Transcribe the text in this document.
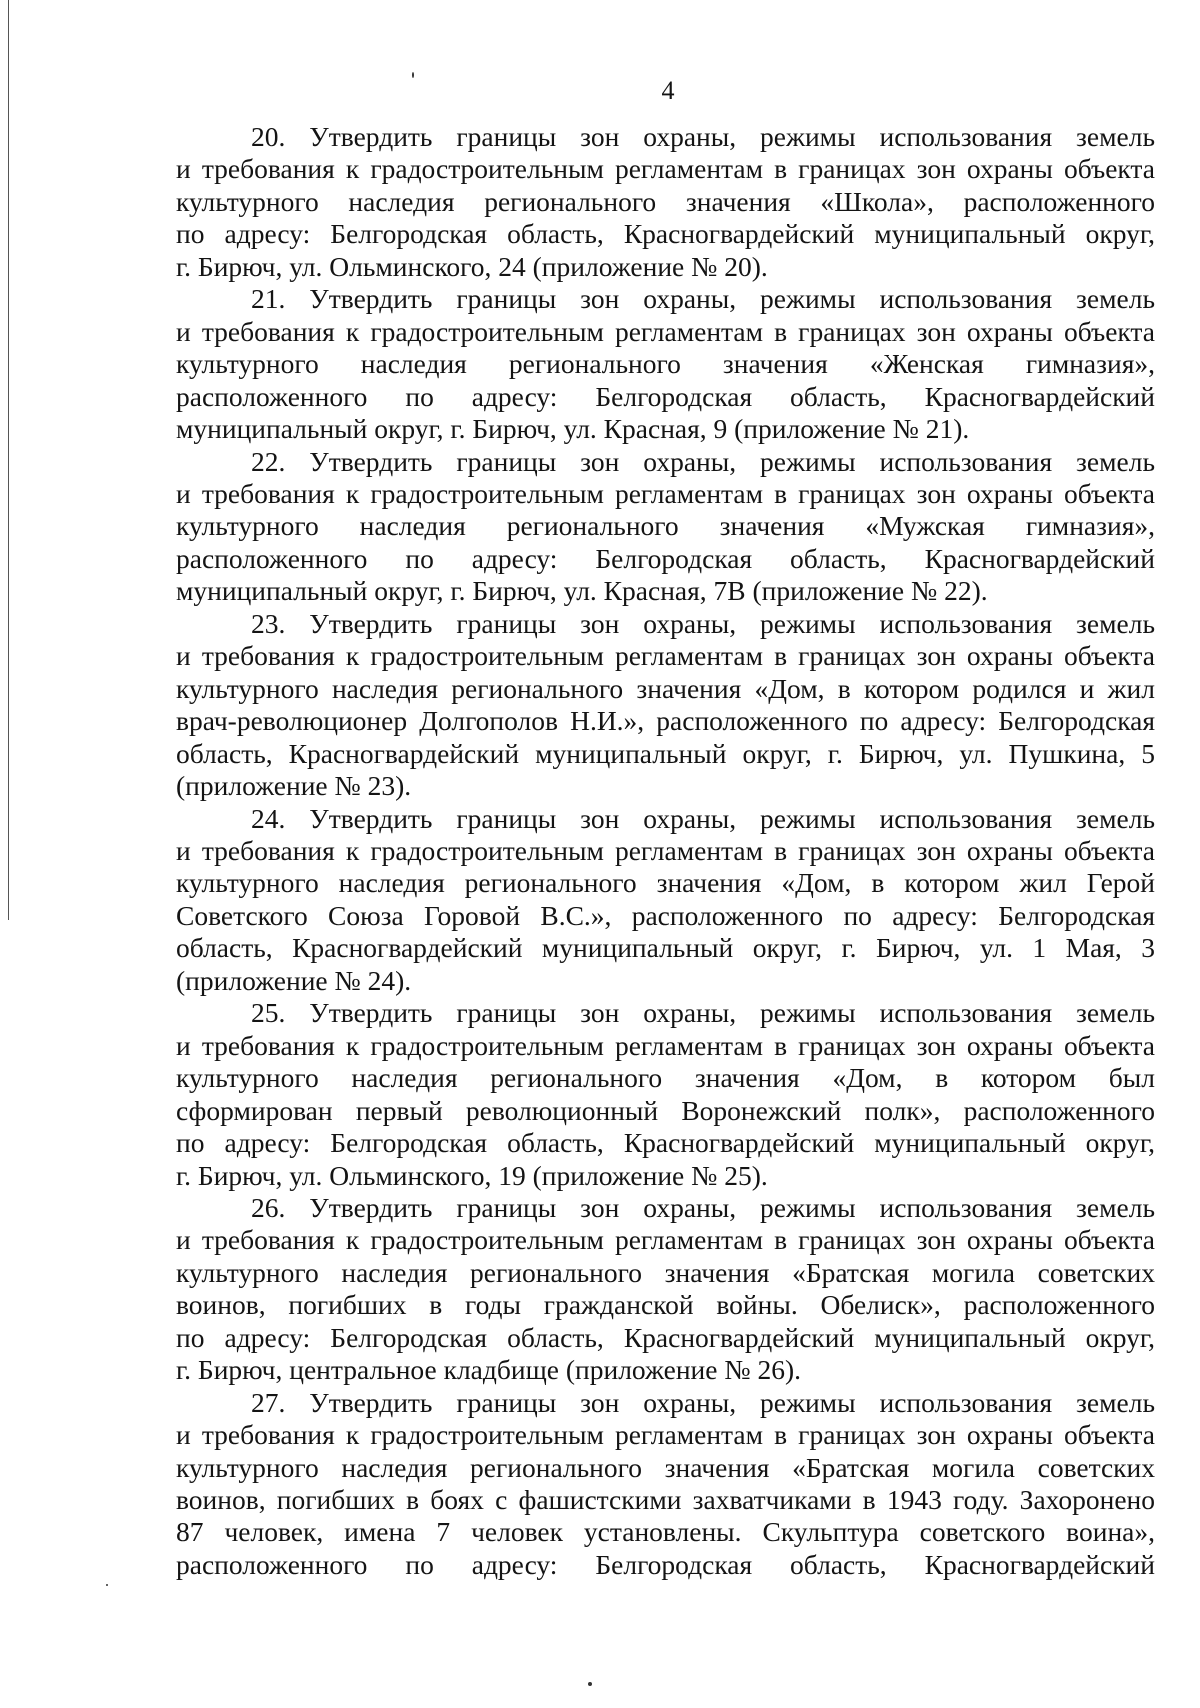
4

20. Утвердить границы зон охраны, режимы использования земель
и требования к градостроительным регламентам в границах зон охраны объекта
культурного наследия регионального значения «Школа», расположенного
по адресу: Белгородская область, Красногвардейский муниципальный округ,
г. Бирюч, ул. Ольминского, 24 (приложение № 20).

21. Утвердить границы зон охраны, режимы использования земель
и требования к градостроительным регламентам в границах зон охраны объекта
культурного наследия регионального значения «Женская гимназия»,
расположенного по адресу: Белгородская область, Красногвардейский
муниципальный округ, г. Бирюч, ул. Красная, 9 (приложение № 21).

22. Утвердить границы зон охраны, режимы использования земель
и требования к градостроительным регламентам в границах зон охраны объекта
культурного наследия регионального значения «Мужская гимназия»,
расположенного по адресу: Белгородская область, Красногвардейский
муниципальный округ, г. Бирюч, ул. Красная, 7В (приложение № 22).

23. Утвердить границы зон охраны, режимы использования земель
и требования к градостроительным регламентам в границах зон охраны объекта
культурного наследия регионального значения «Дом, в котором родился и жил
врач-революционер Долгополов Н.И.», расположенного по адресу: Белгородская
область, Красногвардейский муниципальный округ, г. Бирюч, ул. Пушкина, 5
(приложение № 23).

24. Утвердить границы зон охраны, режимы использования земель
и требования к градостроительным регламентам в границах зон охраны объекта
культурного наследия регионального значения «Дом, в котором жил Герой
Советского Союза Горовой В.С.», расположенного по адресу: Белгородская
область, Красногвардейский муниципальный округ, г. Бирюч, ул. 1 Мая, 3
(приложение № 24).

25. Утвердить границы зон охраны, режимы использования земель
и требования к градостроительным регламентам в границах зон охраны объекта
культурного наследия регионального значения «Дом, в котором был
сформирован первый революционный Воронежский полк», расположенного
по адресу: Белгородская область, Красногвардейский муниципальный округ,
г. Бирюч, ул. Ольминского, 19 (приложение № 25).

26. Утвердить границы зон охраны, режимы использования земель
и требования к градостроительным регламентам в границах зон охраны объекта
культурного наследия регионального значения «Братская могила советских
воинов, погибших в годы гражданской войны. Обелиск», расположенного
по адресу: Белгородская область, Красногвардейский муниципальный округ,
г. Бирюч, центральное кладбище (приложение № 26).

27. Утвердить границы зон охраны, режимы использования земель
и требования к градостроительным регламентам в границах зон охраны объекта
культурного наследия регионального значения «Братская могила советских
воинов, погибших в боях с фашистскими захватчиками в 1943 году. Захоронено
87 человек, имена 7 человек установлены. Скульптура советского воина»,
расположенного по адресу: Белгородская область, Красногвардейский
